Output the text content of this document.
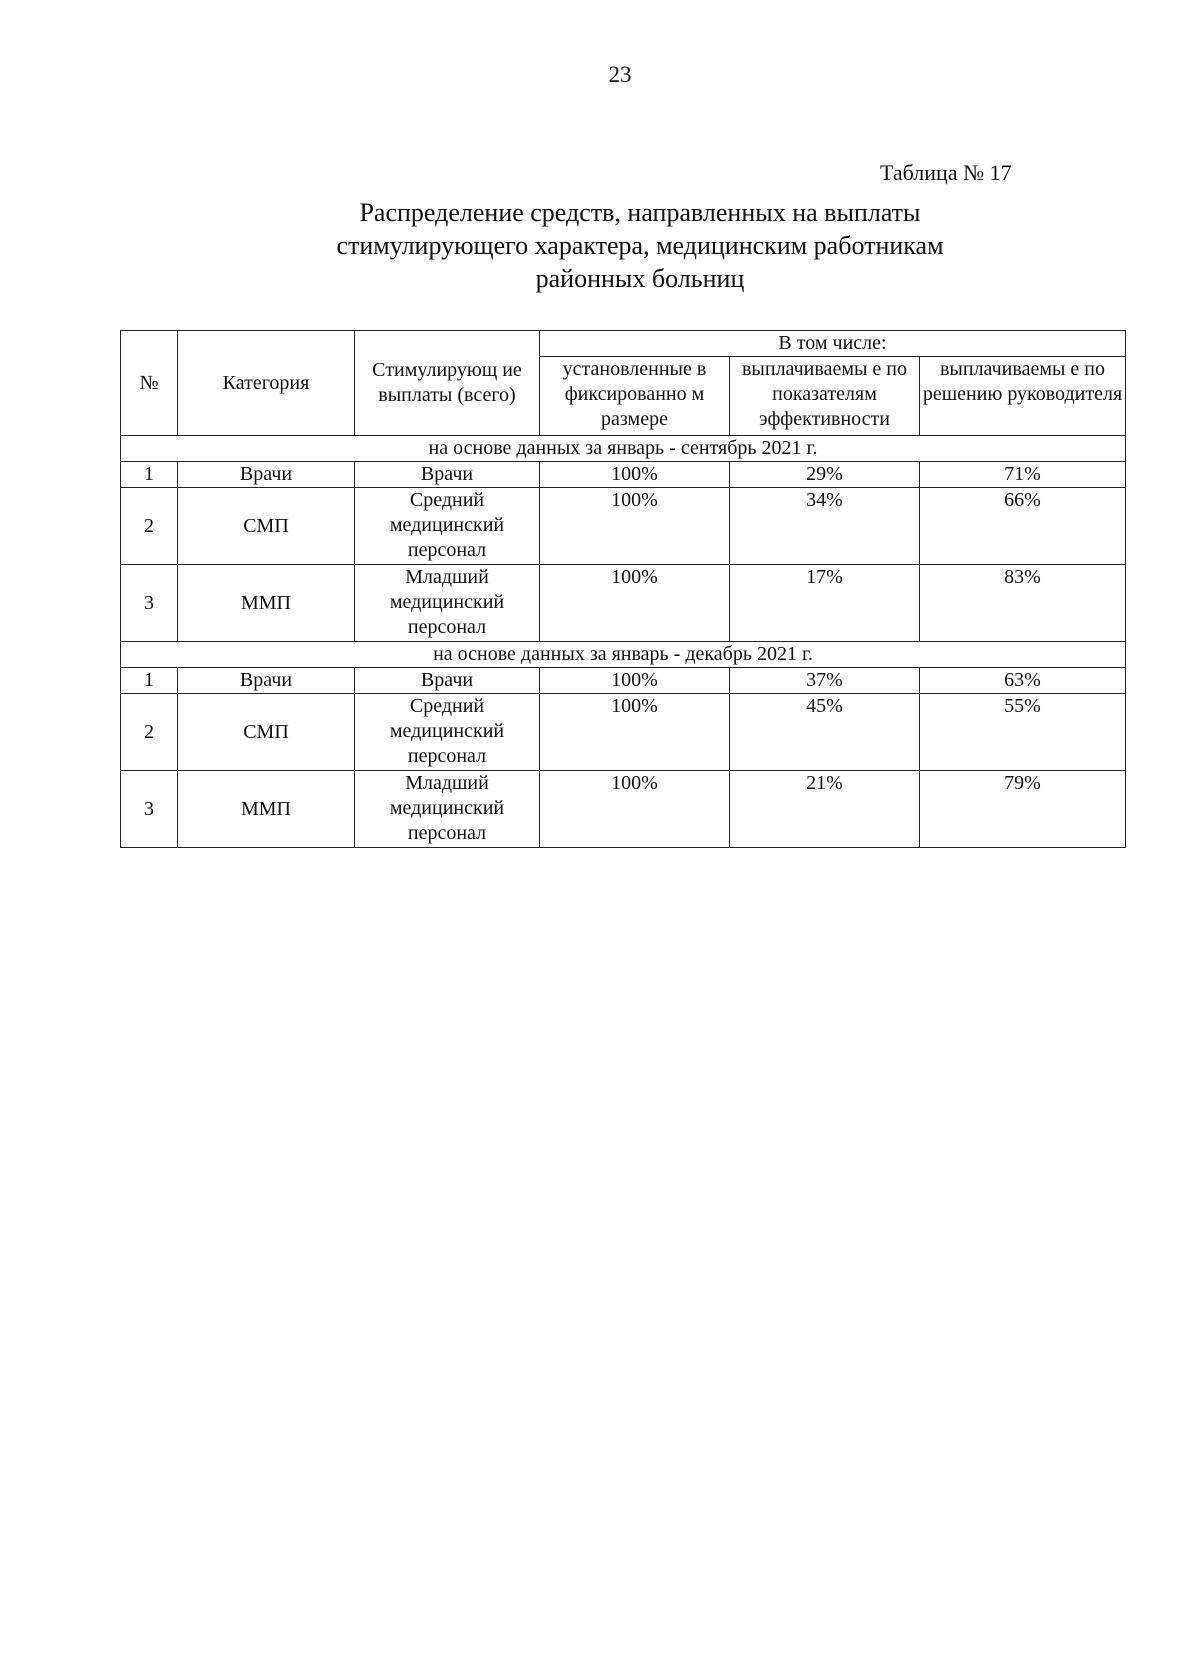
23
Таблица № 17
Распределение средств, направленных на выплаты
стимулирующего характера, медицинским работникам
районных больниц
№	Категория	Стимулирующ ие выплаты (всего)	В том числе:		
			установленные в фиксированно м размере	выплачиваемы е по показателям эффективности	выплачиваемы е по решению руководителя
на основе данных за январь - сентябрь 2021 г.					
1	Врачи	Врачи	100%	29%	71%
2	СМП	Средний медицинский персонал	100%	34%	66%
3	ММП	Младший медицинский персонал	100%	17%	83%
на основе данных за январь - декабрь 2021 г.					
1	Врачи	Врачи	100%	37%	63%
2	СМП	Средний медицинский персонал	100%	45%	55%
3	ММП	Младший медицинский персонал	100%	21%	79%
